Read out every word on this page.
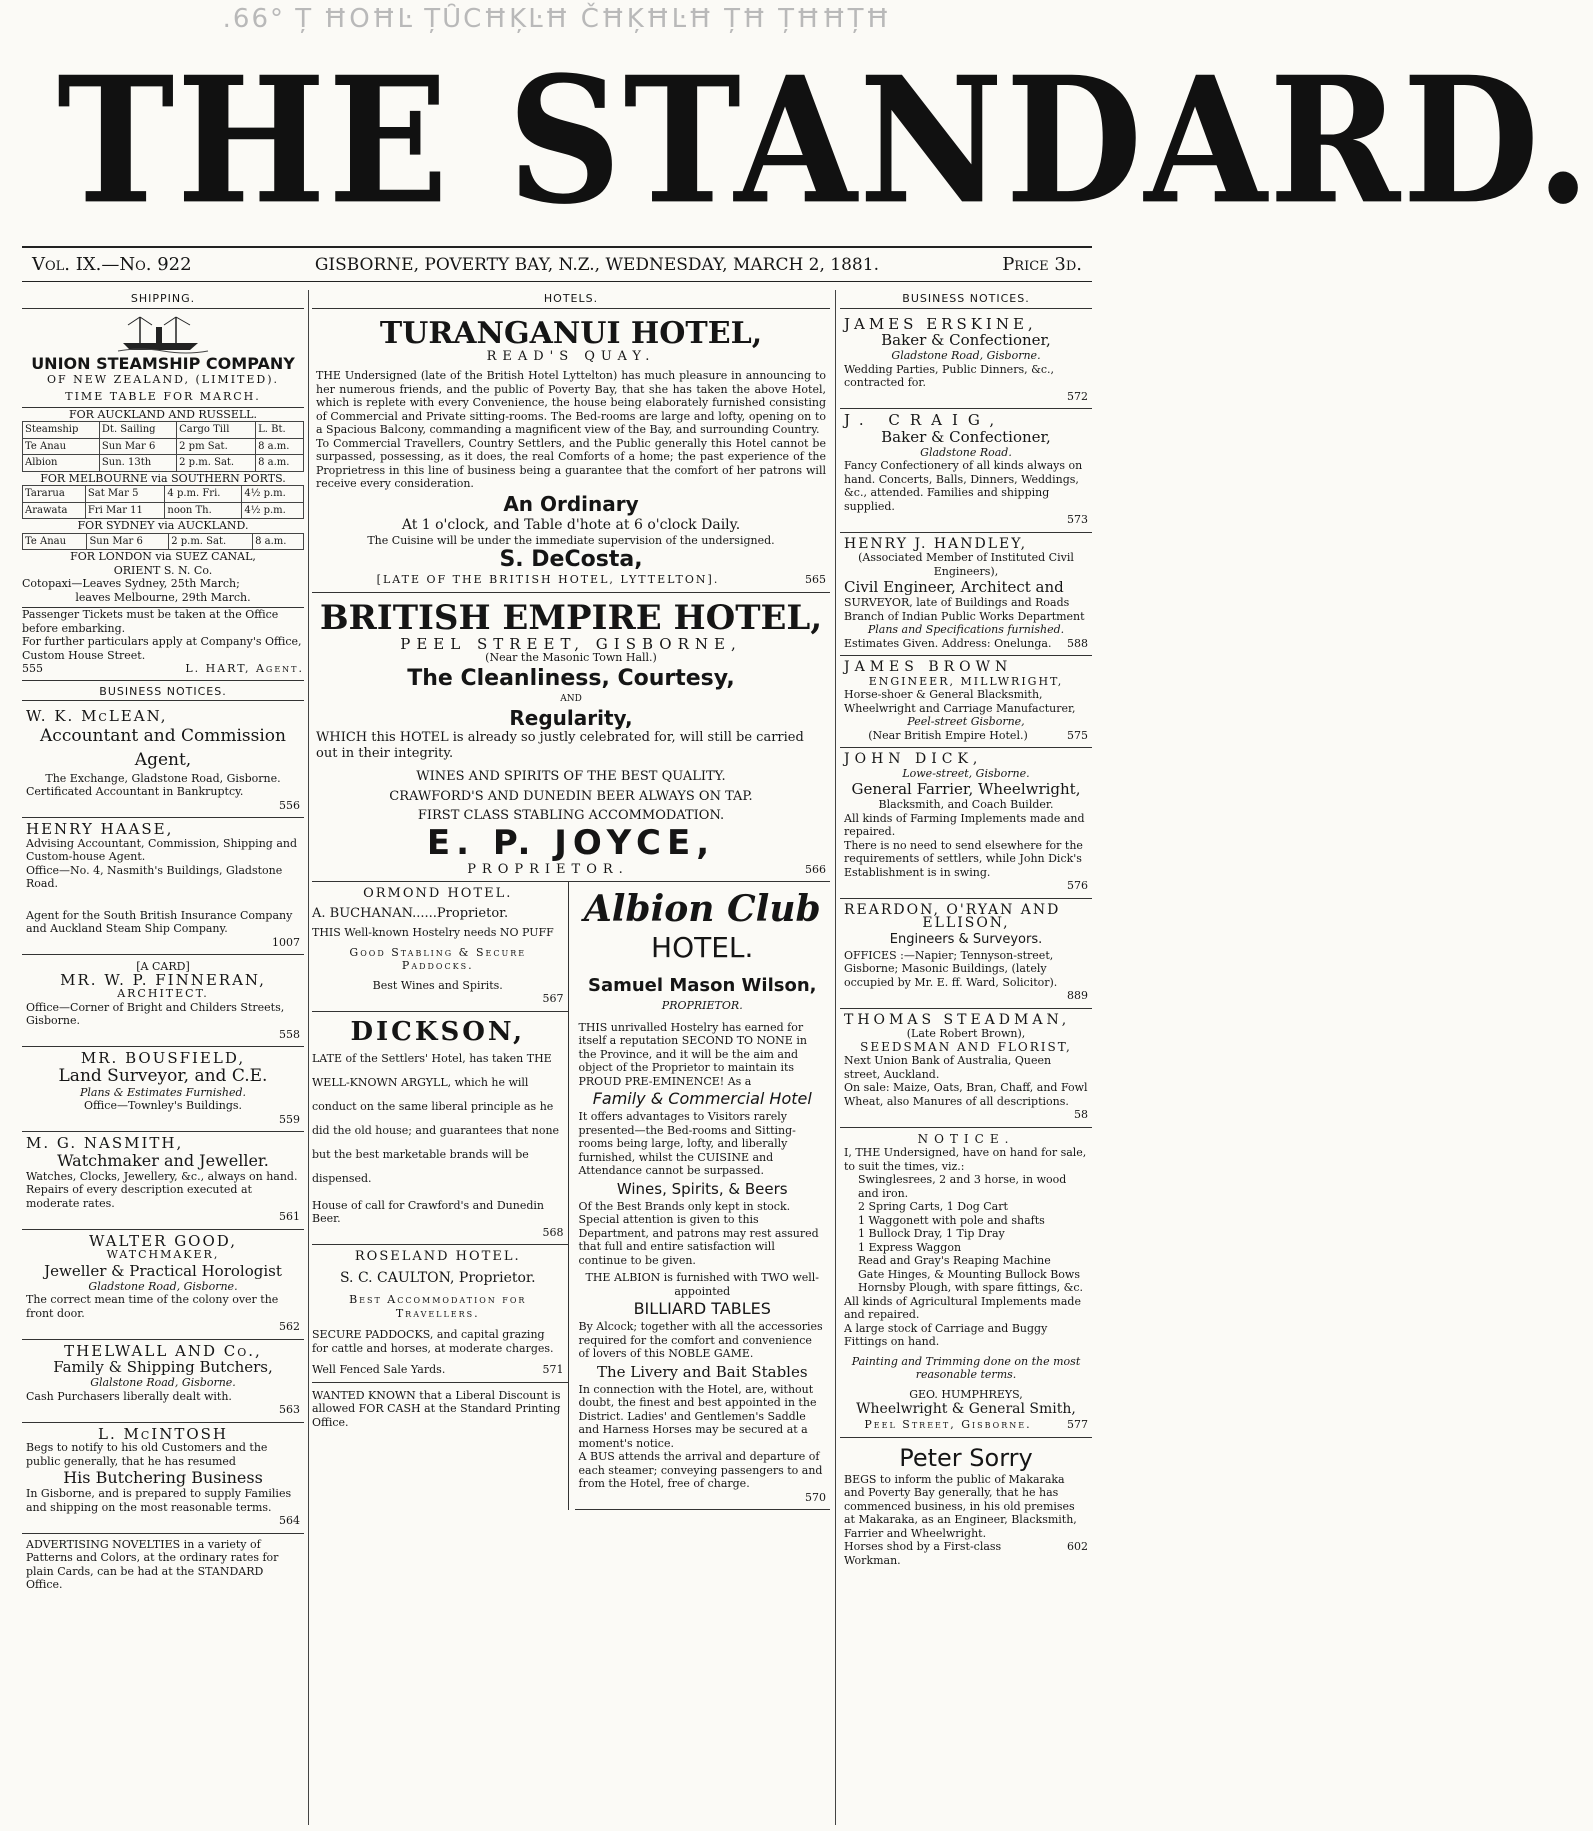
.66° Ț ĦOĦĿ ȚȖCĦĶĿĦ ČĦĶĦĿĦ ȚĦ ȚĦĦȚĦ
THE STANDARD.
Vol. IX.—No. 922	GISBORNE, POVERTY BAY, N.Z., WEDNESDAY, MARCH 2, 1881.	Price 3d.
SHIPPING.
UNION STEAMSHIP COMPANY
OF NEW ZEALAND, (LIMITED).
TIME TABLE FOR MARCH.
FOR AUCKLAND AND RUSSELL.
Steamship	Dt. Sailing	Cargo Till	L. Bt.
Te Anau	Sun Mar 6	2 pm Sat.	8 a.m.
Albion	Sun. 13th	2 p.m. Sat.	8 a.m.
FOR MELBOURNE via SOUTHERN PORTS.
Tararua	Sat Mar 5	4 p.m. Fri.	4½ p.m.
Arawata	Fri Mar 11	noon Th.	4½ p.m.
FOR SYDNEY via AUCKLAND.
Te Anau	Sun Mar 6	2 p.m. Sat.	8 a.m.
FOR LONDON via SUEZ CANAL,
ORIENT S. N. Co.
Cotopaxi—Leaves Sydney, 25th March;
leaves Melbourne, 29th March.
Passenger Tickets must be taken at the Office before embarking.
For further particulars apply at Company's Office, Custom House Street.
555	L. HART, Agent.
BUSINESS NOTICES.
W. K. McLEAN,
Accountant and Commission Agent,
The Exchange, Gladstone Road, Gisborne.
Certificated Accountant in Bankruptcy.
556
HENRY HAASE,
Advising Accountant, Commission, Shipping and Custom-house Agent.
Office—No. 4, Nasmith's Buildings, Gladstone Road.
Agent for the South British Insurance Company and Auckland Steam Ship Company.
1007
[A CARD]
MR. W. P. FINNERAN,
ARCHITECT.
Office—Corner of Bright and Childers Streets, Gisborne.
558
MR. BOUSFIELD,
Land Surveyor, and C.E.
Plans & Estimates Furnished.
Office—Townley's Buildings.
559
M. G. NASMITH,
Watchmaker and Jeweller.
Watches, Clocks, Jewellery, &c., always on hand. Repairs of every description executed at moderate rates.
561
WALTER GOOD,
WATCHMAKER,
Jeweller & Practical Horologist
Gladstone Road, Gisborne.
The correct mean time of the colony over the front door.
562
THELWALL AND Co.,
Family & Shipping Butchers,
Glalstone Road, Gisborne.
Cash Purchasers liberally dealt with.
563
L. McINTOSH
Begs to notify to his old Customers and the public generally, that he has resumed
His Butchering Business
In Gisborne, and is prepared to supply Families and shipping on the most reasonable terms.
564
ADVERTISING NOVELTIES in a variety of Patterns and Colors, at the ordinary rates for plain Cards, can be had at the STANDARD Office.
HOTELS.
TURANGANUI HOTEL,
READ'S QUAY.
THE Undersigned (late of the British Hotel Lyttelton) has much pleasure in announcing to her numerous friends, and the public of Poverty Bay, that she has taken the above Hotel, which is replete with every Convenience, the house being elaborately furnished consisting of Commercial and Private sitting-rooms. The Bed-rooms are large and lofty, opening on to a Spacious Balcony, commanding a magnificent view of the Bay, and surrounding Country.
To Commercial Travellers, Country Settlers, and the Public generally this Hotel cannot be surpassed, possessing, as it does, the real Comforts of a home; the past experience of the Proprietress in this line of business being a guarantee that the comfort of her patrons will receive every consideration.
An Ordinary
At 1 o'clock, and Table d'hote at 6 o'clock Daily.
The Cuisine will be under the immediate supervision of the undersigned.
S. DeCosta,
[LATE OF THE BRITISH HOTEL, LYTTELTON].	565
BRITISH EMPIRE HOTEL,
PEEL STREET, GISBORNE,
(Near the Masonic Town Hall.)
The Cleanliness, Courtesy,
AND
Regularity,
WHICH this HOTEL is already so justly celebrated for, will still be carried out in their integrity.
WINES AND SPIRITS OF THE BEST QUALITY.
CRAWFORD'S AND DUNEDIN BEER ALWAYS ON TAP.
FIRST CLASS STABLING ACCOMMODATION.
E. P. JOYCE,
PROPRIETOR.	566
ORMOND HOTEL.
A. BUCHANAN......Proprietor.
THIS Well-known Hostelry needs NO PUFF
Good Stabling & Secure Paddocks.
Best Wines and Spirits.
567
DICKSON,
LATE of the Settlers' Hotel, has taken THE WELL-KNOWN ARGYLL, which he will conduct on the same liberal principle as he did the old house; and guarantees that none but the best marketable brands will be dispensed.
House of call for Crawford's and Dunedin Beer.
568
ROSELAND HOTEL.
S. C. CAULTON, Proprietor.
Best Accommodation for Travellers.
SECURE PADDOCKS, and capital grazing for cattle and horses, at moderate charges.
Well Fenced Sale Yards.	571
WANTED KNOWN that a Liberal Discount is allowed FOR CASH at the Standard Printing Office.
Albion Club
HOTEL.
Samuel Mason Wilson,
PROPRIETOR.
THIS unrivalled Hostelry has earned for itself a reputation SECOND TO NONE in the Province, and it will be the aim and object of the Proprietor to maintain its PROUD PRE-EMINENCE! As a
Family & Commercial Hotel
It offers advantages to Visitors rarely presented—the Bed-rooms and Sitting-rooms being large, lofty, and liberally furnished, whilst the CUISINE and Attendance cannot be surpassed.
Wines, Spirits, & Beers
Of the Best Brands only kept in stock. Special attention is given to this Department, and patrons may rest assured that full and entire satisfaction will continue to be given.
THE ALBION is furnished with TWO well-appointed
BILLIARD TABLES
By Alcock; together with all the accessories required for the comfort and convenience of lovers of this NOBLE GAME.
The Livery and Bait Stables
In connection with the Hotel, are, without doubt, the finest and best appointed in the District. Ladies' and Gentlemen's Saddle and Harness Horses may be secured at a moment's notice.
A BUS attends the arrival and departure of each steamer; conveying passengers to and from the Hotel, free of charge.
570
BUSINESS NOTICES.
JAMES ERSKINE,
Baker & Confectioner,
Gladstone Road, Gisborne.
Wedding Parties, Public Dinners, &c., contracted for.
572
J. CRAIG,
Baker & Confectioner,
Gladstone Road.
Fancy Confectionery of all kinds always on hand. Concerts, Balls, Dinners, Weddings, &c., attended. Families and shipping supplied.
573
HENRY J. HANDLEY,
(Associated Member of Instituted Civil Engineers),
Civil Engineer, Architect and
SURVEYOR, late of Buildings and Roads Branch of Indian Public Works Department
Plans and Specifications furnished.
Estimates Given. Address: Onelunga.	588
JAMES BROWN
ENGINEER, MILLWRIGHT,
Horse-shoer & General Blacksmith, Wheelwright and Carriage Manufacturer,
Peel-street Gisborne,
(Near British Empire Hotel.)	575
JOHN DICK,
Lowe-street, Gisborne.
General Farrier, Wheelwright,
Blacksmith, and Coach Builder.
All kinds of Farming Implements made and repaired.
There is no need to send elsewhere for the requirements of settlers, while John Dick's Establishment is in swing.
576
REARDON, O'RYAN AND
ELLISON,
Engineers & Surveyors.
OFFICES :—Napier; Tennyson-street, Gisborne; Masonic Buildings, (lately occupied by Mr. E. ff. Ward, Solicitor).
889
THOMAS STEADMAN,
(Late Robert Brown),
SEEDSMAN AND FLORIST,
Next Union Bank of Australia, Queen street, Auckland.
On sale: Maize, Oats, Bran, Chaff, and Fowl Wheat, also Manures of all descriptions.
58
NOTICE.
I, THE Undersigned, have on hand for sale, to suit the times, viz.:
Swinglesrees, 2 and 3 horse, in wood and iron.
2 Spring Carts, 1 Dog Cart
1 Waggonett with pole and shafts
1 Bullock Dray, 1 Tip Dray
1 Express Waggon
Read and Gray's Reaping Machine
Gate Hinges, & Mounting Bullock Bows
Hornsby Plough, with spare fittings, &c.
All kinds of Agricultural Implements made and repaired.
A large stock of Carriage and Buggy Fittings on hand.
Painting and Trimming done on the most reasonable terms.
GEO. HUMPHREYS,
Wheelwright & General Smith,
Peel Street, Gisborne.	577
Peter Sorry
BEGS to inform the public of Makaraka and Poverty Bay generally, that he has commenced business, in his old premises at Makaraka, as an Engineer, Blacksmith, Farrier and Wheelwright.
Horses shod by a First-class Workman.
602
